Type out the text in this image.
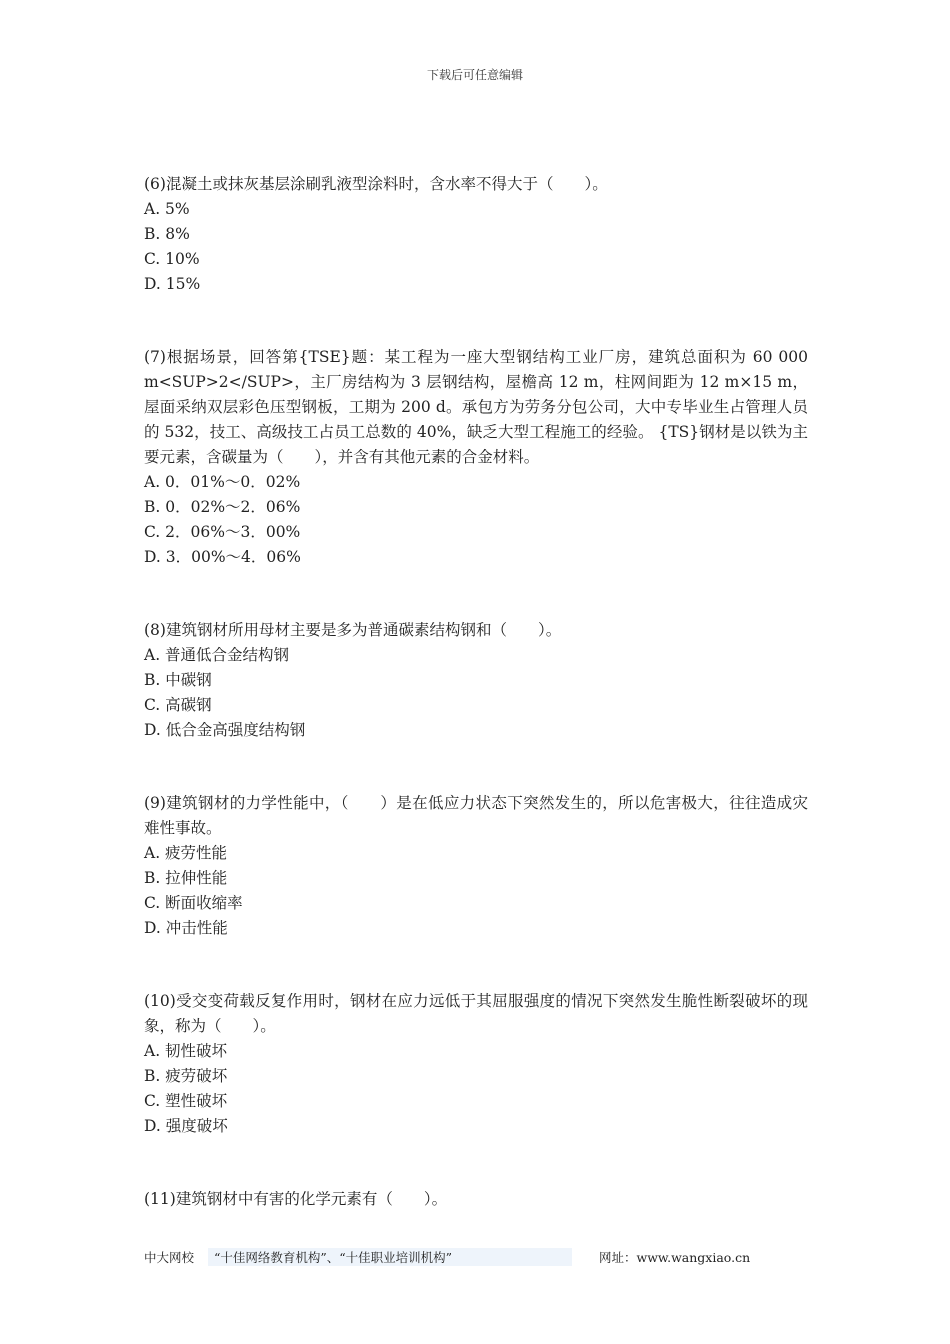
下载后可任意编辑

(6)混凝土或抹灰基层涂刷乳液型涂料时，含水率不得大于（　　）。

A. 5%

B. 8%

C. 10%

D. 15%

(7)根据场景，回答第{TSE}题：某工程为一座大型钢结构工业厂房，建筑总面积为 60 000 m<SUP>2</SUP>，主厂房结构为 3 层钢结构，屋檐高 12 m，柱网间距为 12 m×15 m，屋面采纳双层彩色压型钢板，工期为 200 d。承包方为劳务分包公司，大中专毕业生占管理人员的 532，技工、高级技工占员工总数的 40%，缺乏大型工程施工的经验。 {TS}钢材是以铁为主要元素，含碳量为（　　），并含有其他元素的合金材料。

A. 0．01%～0．02%

B. 0．02%～2．06%

C. 2．06%～3．00%

D. 3．00%～4．06%

(8)建筑钢材所用母材主要是多为普通碳素结构钢和（　　）。

A. 普通低合金结构钢

B. 中碳钢

C. 高碳钢

D. 低合金高强度结构钢

(9)建筑钢材的力学性能中，（　　）是在低应力状态下突然发生的，所以危害极大，往往造成灾难性事故。

A. 疲劳性能

B. 拉伸性能

C. 断面收缩率

D. 冲击性能

(10)受交变荷载反复作用时，钢材在应力远低于其屈服强度的情况下突然发生脆性断裂破坏的现象，称为（　　）。

A. 韧性破坏

B. 疲劳破坏

C. 塑性破坏

D. 强度破坏

(11)建筑钢材中有害的化学元素有（　　）。

中大网校 “十佳网络教育机构”、“十佳职业培训机构”	网址：www.wangxiao.cn
